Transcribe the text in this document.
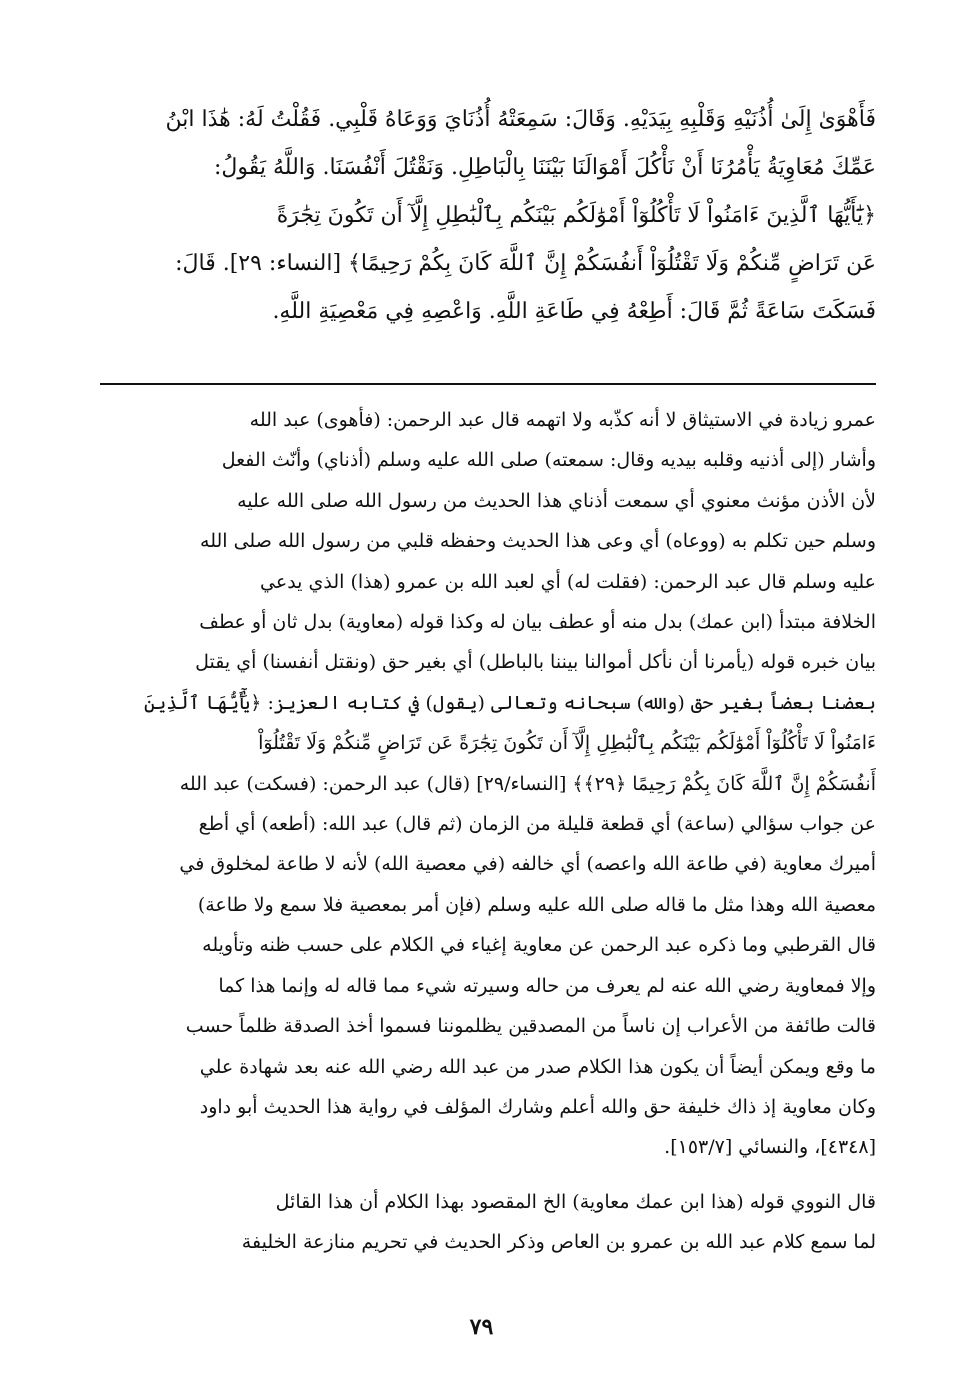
فَأَهْوَىٰ إِلَىٰ أُذُنَيْهِ وَقَلْبِهِ بِيَدَيْهِ. وَقَالَ: سَمِعَتْهُ أُذُنَايَ وَوَعَاهُ قَلْبِي. فَقُلْتُ لَهُ: هَٰذَا ابْنُ
عَمِّكَ مُعَاوِيَةُ يَأْمُرُنَا أَنْ نَأْكُلَ أَمْوَالَنَا بَيْنَنَا بِالْبَاطِلِ. وَنَقْتُلَ أَنْفُسَنَا. وَاللَّهُ يَقُولُ:
﴿يَٰٓأَيُّهَا ٱلَّذِينَ ءَامَنُواْ لَا تَأْكُلُوٓاْ أَمْوَٰلَكُم بَيْنَكُم بِٱلْبَٰطِلِ إِلَّآ أَن تَكُونَ تِجَٰرَةً
عَن تَرَاضٍ مِّنكُمْ وَلَا تَقْتُلُوٓاْ أَنفُسَكُمْ إِنَّ ٱللَّهَ كَانَ بِكُمْ رَحِيمًا﴾ [النساء: ٢٩]. قَالَ:
فَسَكَتَ سَاعَةً ثُمَّ قَالَ: أَطِعْهُ فِي طَاعَةِ اللَّهِ. وَاعْصِهِ فِي مَعْصِيَةِ اللَّهِ.
عمرو زيادة في الاستيثاق لا أنه كذّبه ولا اتهمه قال عبد الرحمن: (فأهوى) عبد الله
وأشار (إلى أذنيه وقلبه بيديه وقال: سمعته) صلى الله عليه وسلم (أذناي) وأنّث الفعل
لأن الأذن مؤنث معنوي أي سمعت أذناي هذا الحديث من رسول الله صلى الله عليه
وسلم حين تكلم به (ووعاه) أي وعى هذا الحديث وحفظه قلبي من رسول الله صلى الله
عليه وسلم قال عبد الرحمن: (فقلت له) أي لعبد الله بن عمرو (هذا) الذي يدعي
الخلافة مبتدأ (ابن عمك) بدل منه أو عطف بيان له وكذا قوله (معاوية) بدل ثان أو عطف
بيان خبره قوله (يأمرنا أن نأكل أموالنا بيننا بالباطل) أي بغير حق (ونقتل أنفسنا) أي يقتل
بعضنا بعضاً بغير حق (والله) سبحانه وتعالى (يقول) في كتابه العزيز: ﴿يَٰٓأَيُّهَا ٱلَّذِينَ
ءَامَنُواْ لَا تَأْكُلُوٓاْ أَمْوَٰلَكُم بَيْنَكُم بِٱلْبَٰطِلِ إِلَّآ أَن تَكُونَ تِجَٰرَةً عَن تَرَاضٍ مِّنكُمْ وَلَا تَقْتُلُوٓاْ
أَنفُسَكُمْ إِنَّ ٱللَّهَ كَانَ بِكُمْ رَحِيمًا ﴿٢٩﴾﴾ [النساء/٢٩] (قال) عبد الرحمن: (فسكت) عبد الله
عن جواب سؤالي (ساعة) أي قطعة قليلة من الزمان (ثم قال) عبد الله: (أطعه) أي أطع
أميرك معاوية (في طاعة الله واعصه) أي خالفه (في معصية الله) لأنه لا طاعة لمخلوق في
معصية الله وهذا مثل ما قاله صلى الله عليه وسلم (فإن أمر بمعصية فلا سمع ولا طاعة)
قال القرطبي وما ذكره عبد الرحمن عن معاوية إغياء في الكلام على حسب ظنه وتأويله
وإلا فمعاوية رضي الله عنه لم يعرف من حاله وسيرته شيء مما قاله له وإنما هذا كما
قالت طائفة من الأعراب إن ناساً من المصدقين يظلموننا فسموا أخذ الصدقة ظلماً حسب
ما وقع ويمكن أيضاً أن يكون هذا الكلام صدر من عبد الله رضي الله عنه بعد شهادة علي
وكان معاوية إذ ذاك خليفة حق والله أعلم وشارك المؤلف في رواية هذا الحديث أبو داود
[٤٣٤٨]، والنسائي [١٥٣/٧].
قال النووي قوله (هذا ابن عمك معاوية) الخ المقصود بهذا الكلام أن هذا القائل
لما سمع كلام عبد الله بن عمرو بن العاص وذكر الحديث في تحريم منازعة الخليفة
٧٩
